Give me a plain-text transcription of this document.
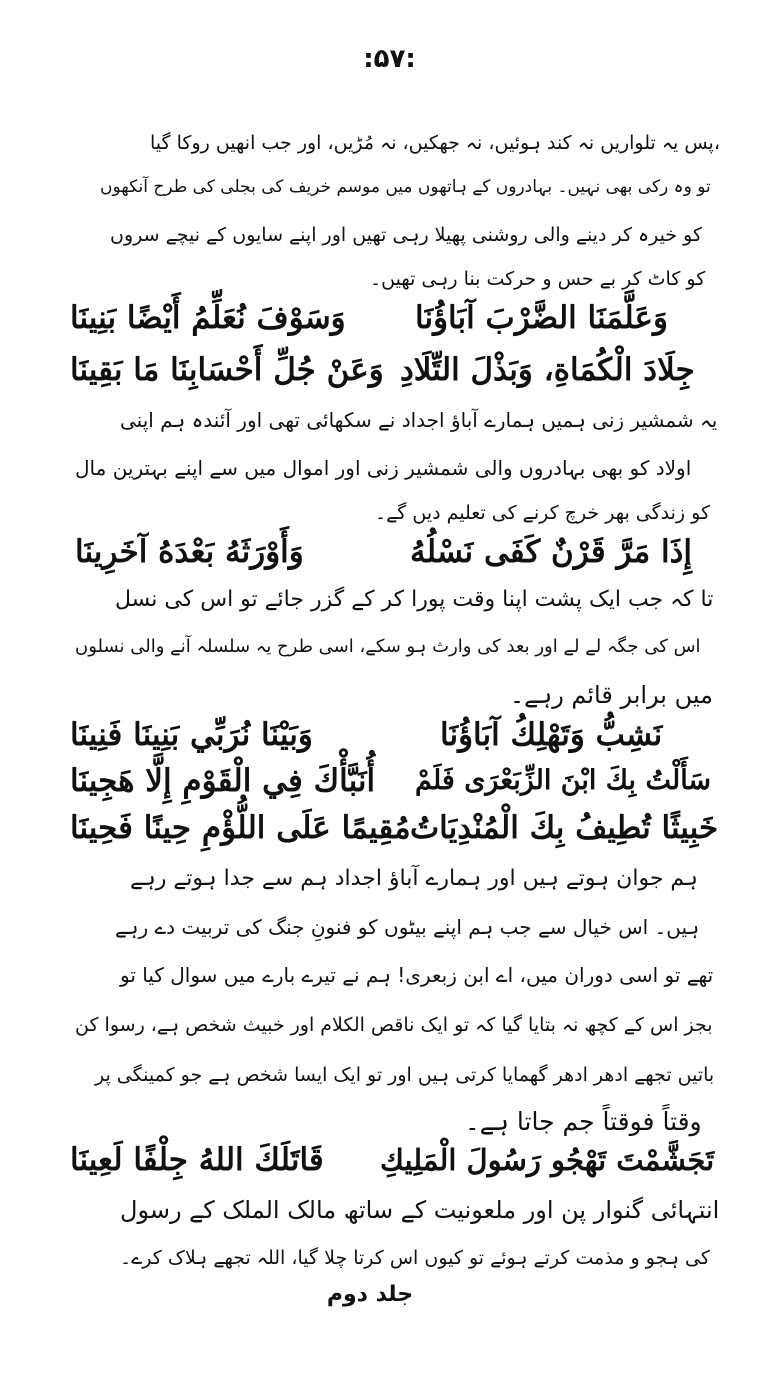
:۵۷:
پس یہ تلواریں نہ کند ہوئیں، نہ جھکیں، نہ مُڑیں، اور جب انھیں روکا گیا،
تو وہ رکی بھی نہیں۔ بہادروں کے ہاتھوں میں موسم خریف کی بجلی کی طرح آنکھوں
کو خیرہ کر دینے والی روشنی پھیلا رہی تھیں اور اپنے سایوں کے نیچے سروں
کو کاٹ کر بے حس و حرکت بنا رہی تھیں۔
وَعَلَّمَنَا الضَّرْبَ آبَاؤُنَا
وَسَوْفَ نُعَلِّمُ أَيْضًا بَنِينَا
جِلَادَ الْكُمَاةِ، وَبَذْلَ التِّلَادِ
وَعَنْ جُلِّ أَحْسَابِنَا مَا بَقِينَا
یہ شمشیر زنی ہمیں ہمارے آباؤ اجداد نے سکھائی تھی اور آئندہ ہم اپنی
اولاد کو بھی بہادروں والی شمشیر زنی اور اموال میں سے اپنے بہترین مال
کو زندگی بھر خرچ کرنے کی تعلیم دیں گے۔
إِذَا مَرَّ قَرْنٌ كَفَى نَسْلُهُ
وَأَوْرَثَهُ بَعْدَهُ آخَرِينَا
تا کہ جب ایک پشت اپنا وقت پورا کر کے گزر جائے تو اس کی نسل
اس کی جگہ لے لے اور بعد کی وارث ہو سکے، اسی طرح یہ سلسلہ آنے والی نسلوں
میں برابر قائم رہے۔
نَشِبُّ وَتَهْلِكُ آبَاؤُنَا
وَبَيْنَا نُرَبِّي بَنِينَا فَنِينَا
سَأَلْتُ بِكَ ابْنَ الزِّبَعْرَى فَلَمْ
أُنَبَّأْكَ فِي الْقَوْمِ إِلَّا هَجِينَا
خَبِيثًا تُطِيفُ بِكَ الْمُنْدِيَاتُ
مُقِيمًا عَلَى اللُّؤْمِ حِينًا فَحِينَا
ہم جوان ہوتے ہیں اور ہمارے آباؤ اجداد ہم سے جدا ہوتے رہے
ہیں۔ اس خیال سے جب ہم اپنے بیٹوں کو فنونِ جنگ کی تربیت دے رہے
تھے تو اسی دوران میں، اے ابن زبعری! ہم نے تیرے بارے میں سوال کیا تو
بجز اس کے کچھ نہ بتایا گیا کہ تو ایک ناقص الکلام اور خبیث شخص ہے، رسوا کن
باتیں تجھے ادھر ادھر گھمایا کرتی ہیں اور تو ایک ایسا شخص ہے جو کمینگی پر
وقتاً فوقتاً جم جاتا ہے۔
تَجَشَّمْتَ تَهْجُو رَسُولَ الْمَلِيكِ
قَاتَلَكَ اللهُ جِلْفًا لَعِينَا
انتہائی گنوار پن اور ملعونیت کے ساتھ مالک الملک کے رسول
کی ہجو و مذمت کرتے ہوئے تو کیوں اس کرتا چلا گیا، اللہ تجھے ہلاک کرے۔
جلد دوم
